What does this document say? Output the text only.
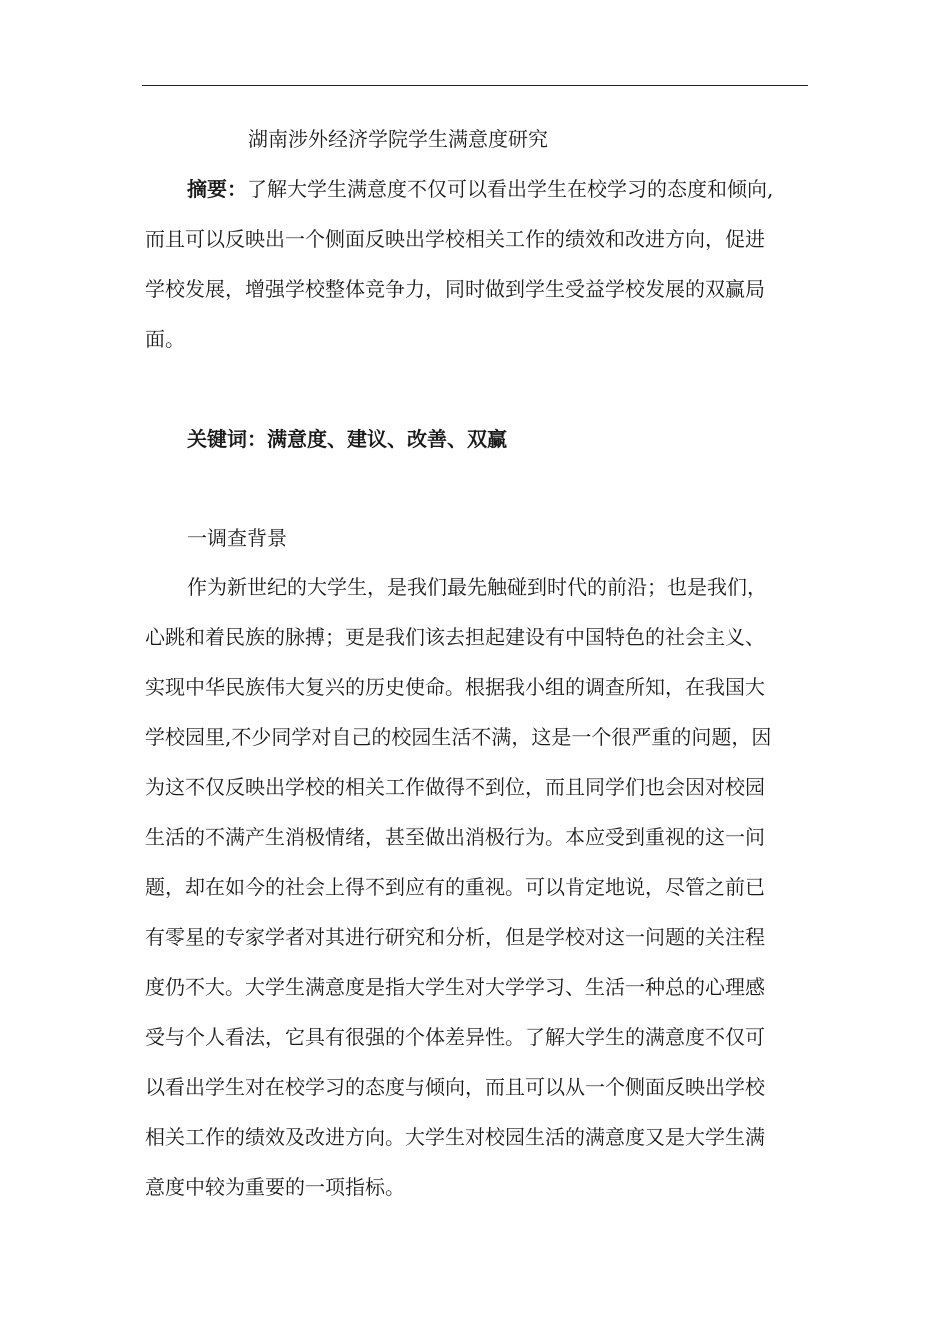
湖南涉外经济学院学生满意度研究
摘要：了解大学生满意度不仅可以看出学生在校学习的态度和倾向,
而且可以反映出一个侧面反映出学校相关工作的绩效和改进方向，促进
学校发展，增强学校整体竞争力，同时做到学生受益学校发展的双赢局
面。
关键词：满意度、建议、改善、双赢
一调查背景
作为新世纪的大学生，是我们最先触碰到时代的前沿；也是我们，
心跳和着民族的脉搏；更是我们该去担起建设有中国特色的社会主义、
实现中华民族伟大复兴的历史使命。根据我小组的调查所知，在我国大
学校园里,不少同学对自己的校园生活不满，这是一个很严重的问题，因
为这不仅反映出学校的相关工作做得不到位，而且同学们也会因对校园
生活的不满产生消极情绪，甚至做出消极行为。本应受到重视的这一问
题，却在如今的社会上得不到应有的重视。可以肯定地说，尽管之前已
有零星的专家学者对其进行研究和分析，但是学校对这一问题的关注程
度仍不大。大学生满意度是指大学生对大学学习、生活一种总的心理感
受与个人看法，它具有很强的个体差异性。了解大学生的满意度不仅可
以看出学生对在校学习的态度与倾向，而且可以从一个侧面反映出学校
相关工作的绩效及改进方向。大学生对校园生活的满意度又是大学生满
意度中较为重要的一项指标。
